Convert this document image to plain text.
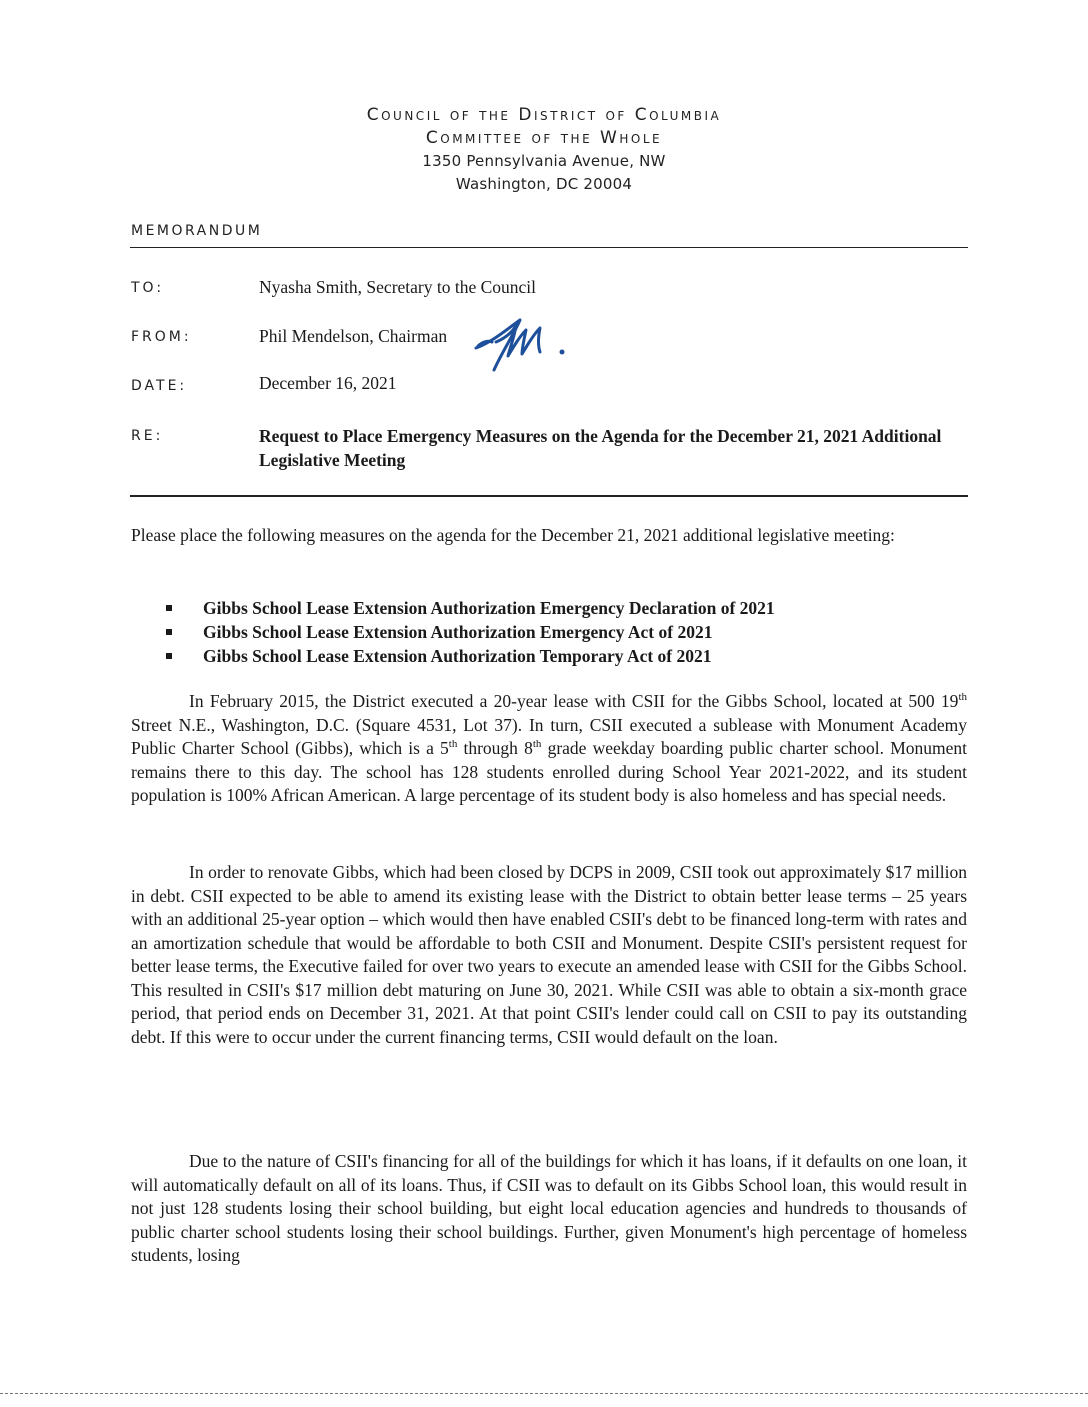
Council of the District of Columbia
Committee of the Whole
1350 Pennsylvania Avenue, NW
Washington, DC 20004
MEMORANDUM
TO:	Nyasha Smith, Secretary to the Council
FROM:	Phil Mendelson, Chairman
DATE:	December 16, 2021
RE:	Request to Place Emergency Measures on the Agenda for the December 21, 2021 Additional Legislative Meeting
Please place the following measures on the agenda for the December 21, 2021 additional legislative meeting:
Gibbs School Lease Extension Authorization Emergency Declaration of 2021
Gibbs School Lease Extension Authorization Emergency Act of 2021
Gibbs School Lease Extension Authorization Temporary Act of 2021
In February 2015, the District executed a 20-year lease with CSII for the Gibbs School, located at 500 19th Street N.E., Washington, D.C. (Square 4531, Lot 37). In turn, CSII executed a sublease with Monument Academy Public Charter School (Gibbs), which is a 5th through 8th grade weekday boarding public charter school. Monument remains there to this day. The school has 128 students enrolled during School Year 2021-2022, and its student population is 100% African American. A large percentage of its student body is also homeless and has special needs.
In order to renovate Gibbs, which had been closed by DCPS in 2009, CSII took out approximately $17 million in debt. CSII expected to be able to amend its existing lease with the District to obtain better lease terms – 25 years with an additional 25-year option – which would then have enabled CSII's debt to be financed long-term with rates and an amortization schedule that would be affordable to both CSII and Monument. Despite CSII's persistent request for better lease terms, the Executive failed for over two years to execute an amended lease with CSII for the Gibbs School. This resulted in CSII's $17 million debt maturing on June 30, 2021. While CSII was able to obtain a six-month grace period, that period ends on December 31, 2021. At that point CSII's lender could call on CSII to pay its outstanding debt. If this were to occur under the current financing terms, CSII would default on the loan.
Due to the nature of CSII's financing for all of the buildings for which it has loans, if it defaults on one loan, it will automatically default on all of its loans. Thus, if CSII was to default on its Gibbs School loan, this would result in not just 128 students losing their school building, but eight local education agencies and hundreds to thousands of public charter school students losing their school buildings. Further, given Monument's high percentage of homeless students, losing
